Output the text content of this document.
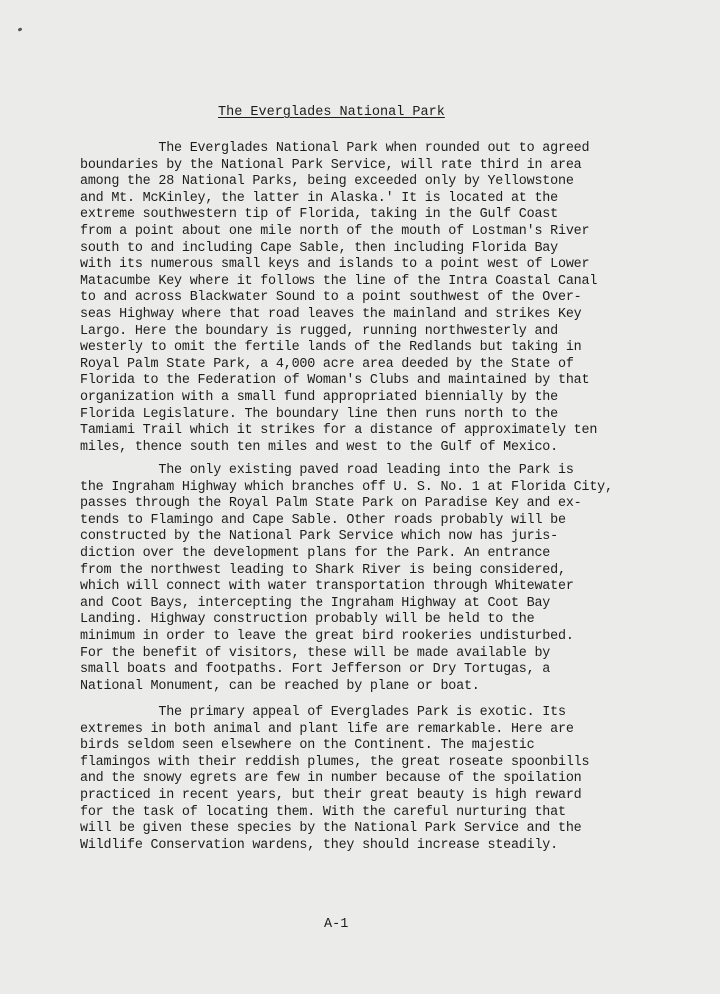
The Everglades National Park
The Everglades National Park when rounded out to agreed
boundaries by the National Park Service, will rate third in area
among the 28 National Parks, being exceeded only by Yellowstone
and Mt. McKinley, the latter in Alaska.' It is located at the
extreme southwestern tip of Florida, taking in the Gulf Coast
from a point about one mile north of the mouth of Lostman's River
south to and including Cape Sable, then including Florida Bay
with its numerous small keys and islands to a point west of Lower
Matacumbe Key where it follows the line of the Intra Coastal Canal
to and across Blackwater Sound to a point southwest of the Over-
seas Highway where that road leaves the mainland and strikes Key
Largo. Here the boundary is rugged, running northwesterly and
westerly to omit the fertile lands of the Redlands but taking in
Royal Palm State Park, a 4,000 acre area deeded by the State of
Florida to the Federation of Woman's Clubs and maintained by that
organization with a small fund appropriated biennially by the
Florida Legislature. The boundary line then runs north to the
Tamiami Trail which it strikes for a distance of approximately ten
miles, thence south ten miles and west to the Gulf of Mexico.
The only existing paved road leading into the Park is
the Ingraham Highway which branches off U. S. No. 1 at Florida City,
passes through the Royal Palm State Park on Paradise Key and ex-
tends to Flamingo and Cape Sable. Other roads probably will be
constructed by the National Park Service which now has juris-
diction over the development plans for the Park. An entrance
from the northwest leading to Shark River is being considered,
which will connect with water transportation through Whitewater
and Coot Bays, intercepting the Ingraham Highway at Coot Bay
Landing. Highway construction probably will be held to the
minimum in order to leave the great bird rookeries undisturbed.
For the benefit of visitors, these will be made available by
small boats and footpaths. Fort Jefferson or Dry Tortugas, a
National Monument, can be reached by plane or boat.
The primary appeal of Everglades Park is exotic. Its
extremes in both animal and plant life are remarkable. Here are
birds seldom seen elsewhere on the Continent. The majestic
flamingos with their reddish plumes, the great roseate spoonbills
and the snowy egrets are few in number because of the spoilation
practiced in recent years, but their great beauty is high reward
for the task of locating them. With the careful nurturing that
will be given these species by the National Park Service and the
Wildlife Conservation wardens, they should increase steadily.
A-1
